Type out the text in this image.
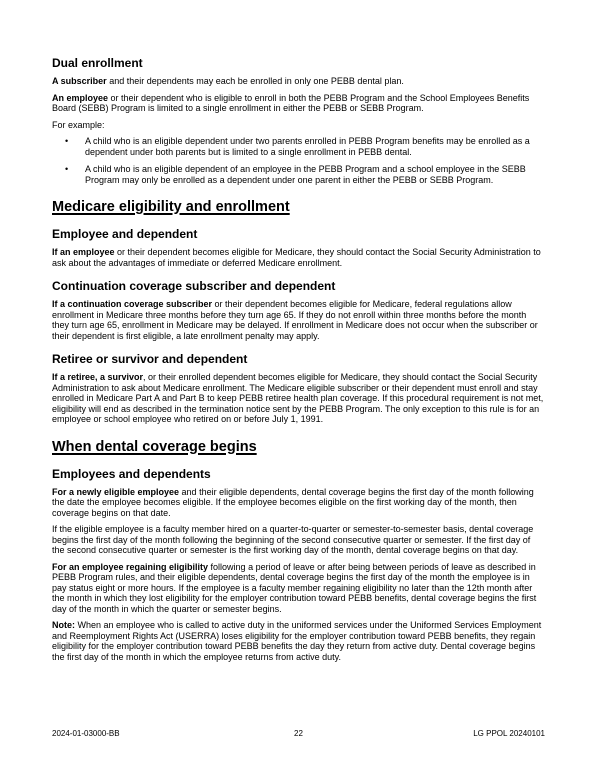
Dual enrollment

A subscriber and their dependents may each be enrolled in only one PEBB dental plan.

An employee or their dependent who is eligible to enroll in both the PEBB Program and the School Employees Benefits Board (SEBB) Program is limited to a single enrollment in either the PEBB or SEBB Program.

For example:

• A child who is an eligible dependent under two parents enrolled in PEBB Program benefits may be enrolled as a dependent under both parents but is limited to a single enrollment in PEBB dental.
• A child who is an eligible dependent of an employee in the PEBB Program and a school employee in the SEBB Program may only be enrolled as a dependent under one parent in either the PEBB or SEBB Program.
Medicare eligibility and enrollment
Employee and dependent

If an employee or their dependent becomes eligible for Medicare, they should contact the Social Security Administration to ask about the advantages of immediate or deferred Medicare enrollment.

Continuation coverage subscriber and dependent

If a continuation coverage subscriber or their dependent becomes eligible for Medicare, federal regulations allow enrollment in Medicare three months before they turn age 65. If they do not enroll within three months before the month they turn age 65, enrollment in Medicare may be delayed. If enrollment in Medicare does not occur when the subscriber or their dependent is first eligible, a late enrollment penalty may apply.

Retiree or survivor and dependent

If a retiree, a survivor, or their enrolled dependent becomes eligible for Medicare, they should contact the Social Security Administration to ask about Medicare enrollment. The Medicare eligible subscriber or their dependent must enroll and stay enrolled in Medicare Part A and Part B to keep PEBB retiree health plan coverage. If this procedural requirement is not met, eligibility will end as described in the termination notice sent by the PEBB Program. The only exception to this rule is for an employee or school employee who retired on or before July 1, 1991.

When dental coverage begins
Employees and dependents

For a newly eligible employee and their eligible dependents, dental coverage begins the first day of the month following the date the employee becomes eligible. If the employee becomes eligible on the first working day of the month, then coverage begins on that date.

If the eligible employee is a faculty member hired on a quarter-to-quarter or semester-to-semester basis, dental coverage begins the first day of the month following the beginning of the second consecutive quarter or semester. If the first day of the second consecutive quarter or semester is the first working day of the month, dental coverage begins on that day.

For an employee regaining eligibility following a period of leave or after being between periods of leave as described in PEBB Program rules, and their eligible dependents, dental coverage begins the first day of the month the employee is in pay status eight or more hours. If the employee is a faculty member regaining eligibility no later than the 12th month after the month in which they lost eligibility for the employer contribution toward PEBB benefits, dental coverage begins the first day of the month in which the quarter or semester begins.

Note: When an employee who is called to active duty in the uniformed services under the Uniformed Services Employment and Reemployment Rights Act (USERRA) loses eligibility for the employer contribution toward PEBB benefits, they regain eligibility for the employer contribution toward PEBB benefits the day they return from active duty. Dental coverage begins the first day of the month in which the employee returns from active duty.

22
2024-01-03000-BB	LG PPOL 20240101
